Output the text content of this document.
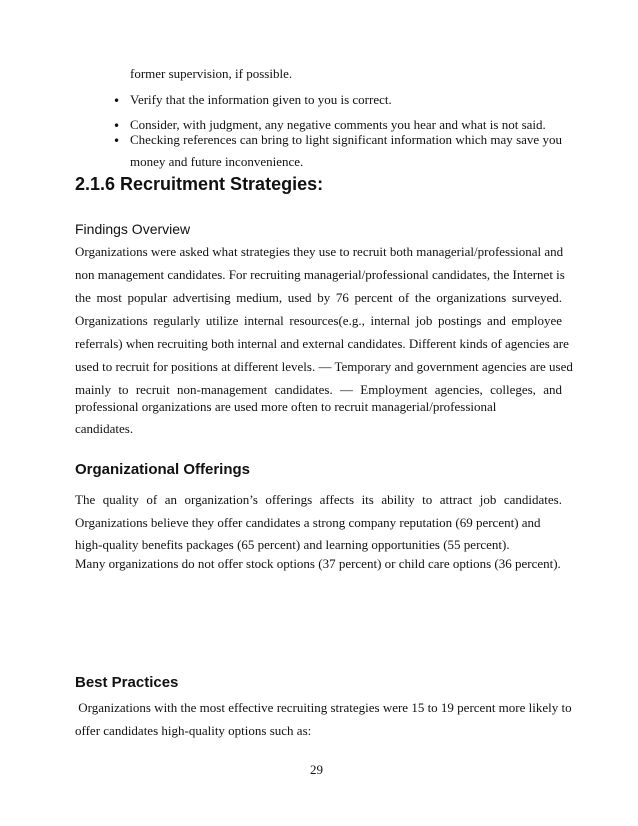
former supervision, if possible.
• Verify that the information given to you is correct.
• Consider, with judgment, any negative comments you hear and what is not said.
• Checking references can bring to light significant information which may save you
money and future inconvenience.
2.1.6 Recruitment Strategies:
Findings Overview
Organizations were asked what strategies they use to recruit both managerial/professional and
non management candidates. For recruiting managerial/professional candidates, the Internet is
the most popular advertising medium, used by 76 percent of the organizations surveyed.
Organizations regularly utilize internal resources(e.g., internal job postings and employee
referrals) when recruiting both internal and external candidates. Different kinds of agencies are
used to recruit for positions at different levels. — Temporary and government agencies are used
mainly to recruit non-management candidates. — Employment agencies, colleges, and
professional organizations are used more often to recruit managerial/professional
candidates.
Organizational Offerings
The quality of an organization’s offerings affects its ability to attract job candidates.
Organizations believe they offer candidates a strong company reputation (69 percent) and
high-quality benefits packages (65 percent) and learning opportunities (55 percent).
Many organizations do not offer stock options (37 percent) or child care options (36 percent).
Best Practices
Organizations with the most effective recruiting strategies were 15 to 19 percent more likely to
offer candidates high-quality options such as:
29
